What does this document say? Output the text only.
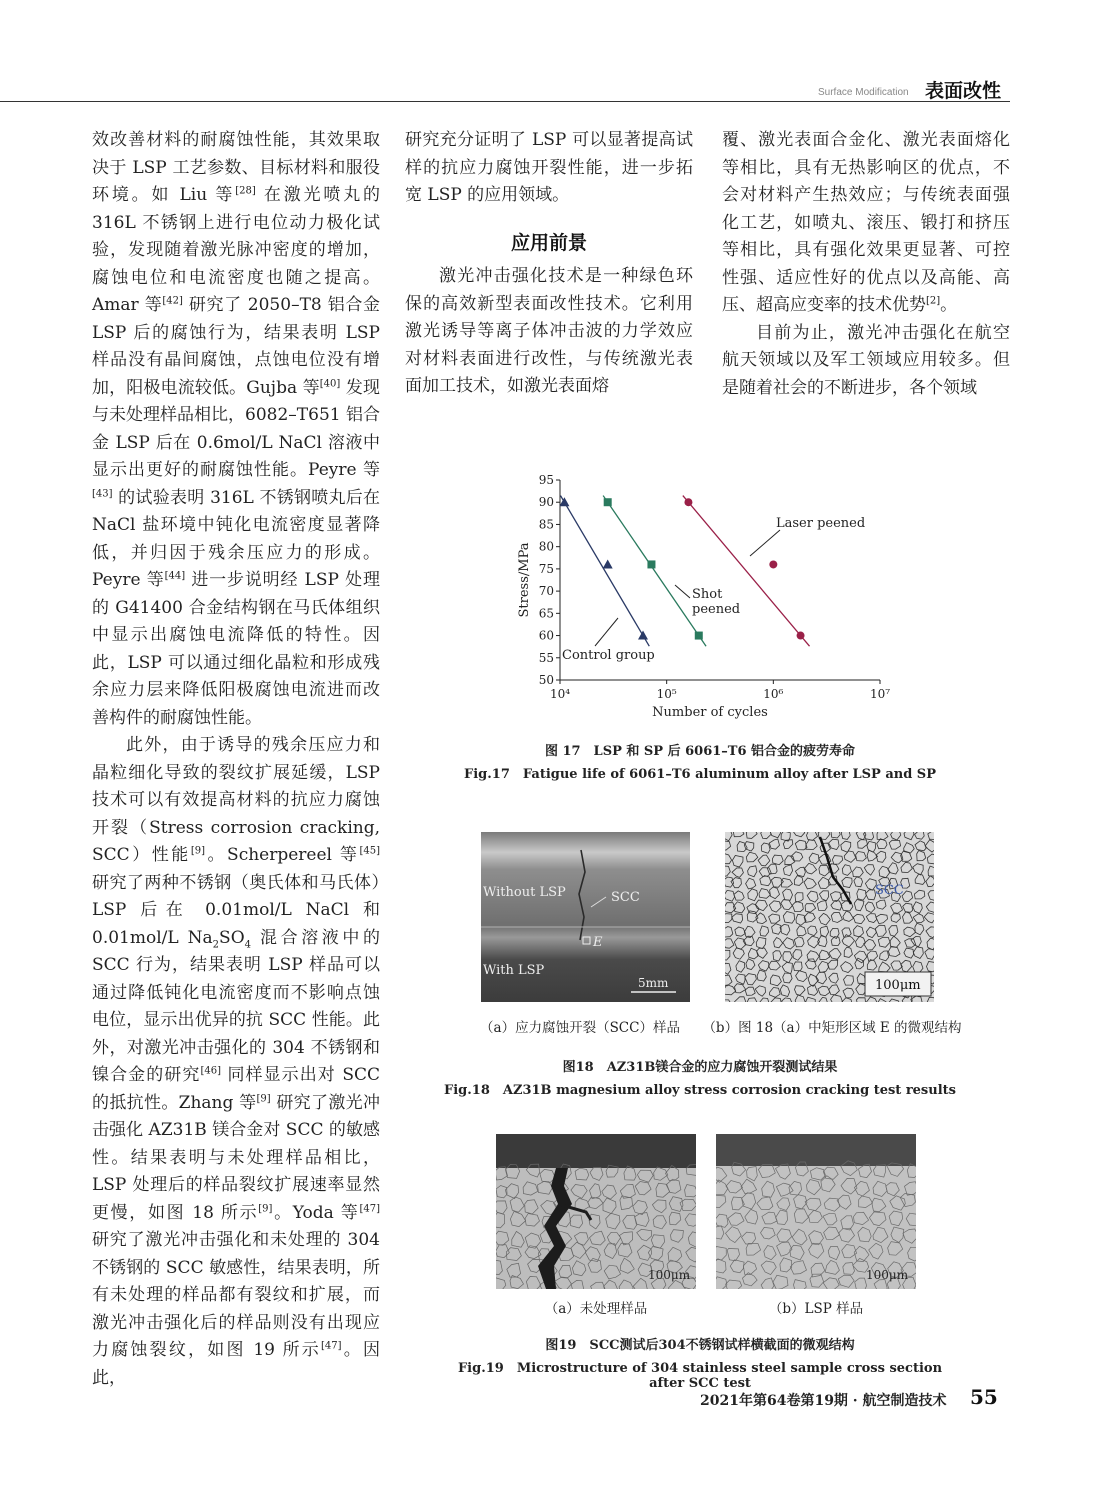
Surface Modification 表面改性

效改善材料的耐腐蚀性能，其效果取决于 LSP 工艺参数、目标材料和服役环境。如 Liu 等[28] 在激光喷丸的 316L 不锈钢上进行电位动力极化试验，发现随着激光脉冲密度的增加，腐蚀电位和电流密度也随之提高。Amar 等[42] 研究了 2050–T8 铝合金 LSP 后的腐蚀行为，结果表明 LSP 样品没有晶间腐蚀，点蚀电位没有增加，阳极电流较低。Gujba 等[40] 发现与未处理样品相比，6082–T651 铝合金 LSP 后在 0.6mol/L NaCl 溶液中显示出更好的耐腐蚀性能。Peyre 等[43] 的试验表明 316L 不锈钢喷丸后在 NaCl 盐环境中钝化电流密度显著降低，并归因于残余压应力的形成。Peyre 等[44] 进一步说明经 LSP 处理的 G41400 合金结构钢在马氏体组织中显示出腐蚀电流降低的特性。因此，LSP 可以通过细化晶粒和形成残余应力层来降低阳极腐蚀电流进而改善构件的耐腐蚀性能。

此外，由于诱导的残余压应力和晶粒细化导致的裂纹扩展延缓，LSP 技术可以有效提高材料的抗应力腐蚀开裂（Stress corrosion cracking, SCC）性能[9]。Scherpereel 等[45] 研究了两种不锈钢（奥氏体和马氏体）LSP 后在 0.01mol/L NaCl 和 0.01mol/L $Na_2SO_4$ 混合溶液中的 SCC 行为，结果表明 LSP 样品可以通过降低钝化电流密度而不影响点蚀电位，显示出优异的抗 SCC 性能。此外，对激光冲击强化的 304 不锈钢和镍合金的研究[46] 同样显示出对 SCC 的抵抗性。Zhang 等[9] 研究了激光冲击强化 AZ31B 镁合金对 SCC 的敏感性。结果表明与未处理样品相比，LSP 处理后的样品裂纹扩展速率显然更慢，如图 18 所示[9]。Yoda 等[47] 研究了激光冲击强化和未处理的 304 不锈钢的 SCC 敏感性，结果表明，所有未处理的样品都有裂纹和扩展，而激光冲击强化后的样品则没有出现应力腐蚀裂纹，如图 19 所示[47]。因此，

研究充分证明了 LSP 可以显著提高试样的抗应力腐蚀开裂性能，进一步拓宽 LSP 的应用领域。

应用前景

激光冲击强化技术是一种绿色环保的高效新型表面改性技术。它利用激光诱导等离子体冲击波的力学效应对材料表面进行改性，与传统激光表面加工技术，如激光表面熔

覆、激光表面合金化、激光表面熔化等相比，具有无热影响区的优点，不会对材料产生热效应；与传统表面强化工艺，如喷丸、滚压、锻打和挤压等相比，具有强化效果更显著、可控性强、适应性好的优点以及高能、高压、超高应变率的技术优势[2]。

目前为止，激光冲击强化在航空航天领域以及军工领域应用较多。但是随着社会的不断进步，各个领域

50
55
60
65
70
75
80
85
90
95
10⁴	10⁵	10⁶	10⁷
Number of cycles
Stress/MPa
Laser peened
Shot
peened
Control group
图 17　LSP 和 SP 后 6061–T6 铝合金的疲劳寿命
Fig.17　Fatigue life of 6061–T6 aluminum alloy after LSP and SP
Without LSP	SCC
E
With LSP
5mm
SCC
100μm
（a）应力腐蚀开裂（SCC）样品	（b）图 18（a）中矩形区域 E 的微观结构
图18　AZ31B镁合金的应力腐蚀开裂测试结果
Fig.18　AZ31B magnesium alloy stress corrosion cracking test results
100μm	100μm
（a）未处理样品	（b）LSP 样品
图19　SCC测试后304不锈钢试样横截面的微观结构
Fig.19　Microstructure of 304 stainless steel sample cross section after SCC test
2021年第64卷第19期 · 航空制造技术 55
